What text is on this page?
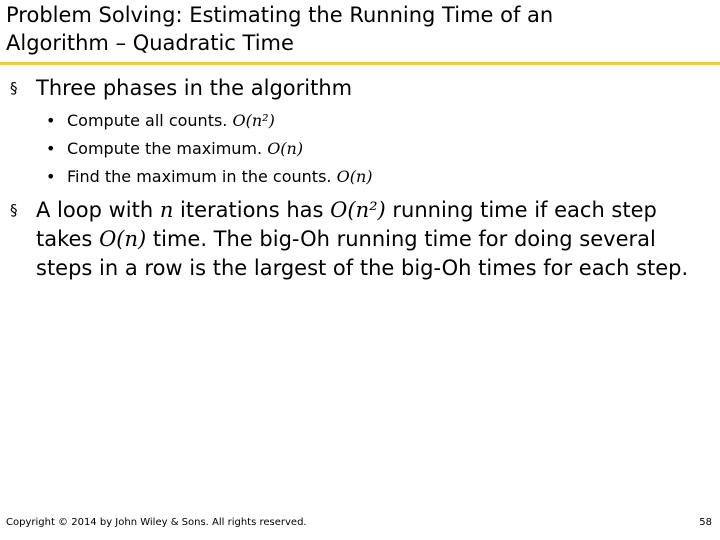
Problem Solving: Estimating the Running Time of an
Algorithm – Quadratic Time
§ Three phases in the algorithm
• Compute all counts. O(n²)
• Compute the maximum. O(n)
• Find the maximum in the counts. O(n)
§ A loop with n iterations has O(n²) running time if each step takes O(n) time. The big-Oh running time for doing several steps in a row is the largest of the big-Oh times for each step.
Copyright © 2014 by John Wiley & Sons. All rights reserved.	58
